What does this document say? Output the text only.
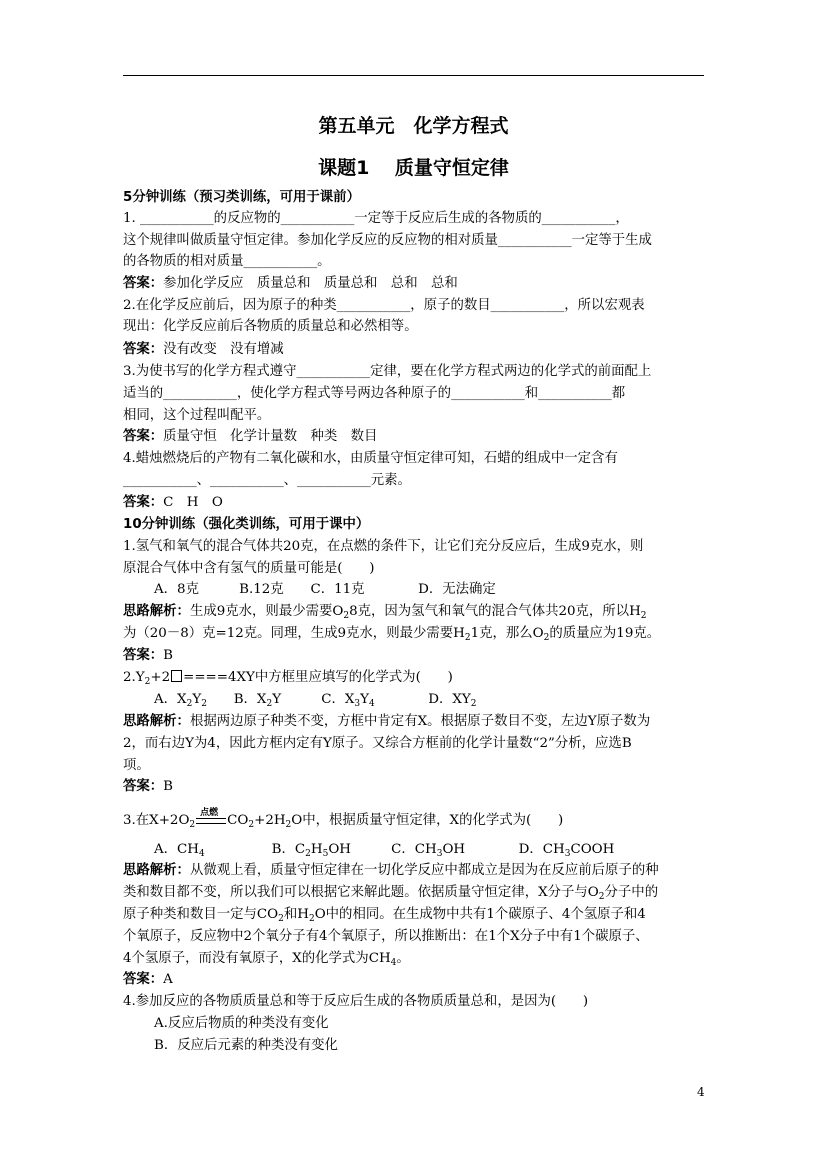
第五单元　化学方程式
课题1　 质量守恒定律
5分钟训练（预习类训练，可用于课前）
1. ___________的反应物的___________一定等于反应后生成的各物质的___________，
这个规律叫做质量守恒定律。参加化学反应的反应物的相对质量___________一定等于生成
的各物质的相对质量___________。
答案：参加化学反应　质量总和　质量总和　总和　总和
2.在化学反应前后，因为原子的种类___________，原子的数目___________，所以宏观表
现出：化学反应前后各物质的质量总和必然相等。
答案：没有改变　没有增减
3.为使书写的化学方程式遵守___________定律，要在化学方程式两边的化学式的前面配上
适当的___________，使化学方程式等号两边各种原子的___________和___________都
相同，这个过程叫配平。
答案：质量守恒　化学计量数　种类　数目
4.蜡烛燃烧后的产物有二氧化碳和水，由质量守恒定律可知，石蜡的组成中一定含有
___________、___________、___________元素。
答案：C　H　O
10分钟训练（强化类训练，可用于课中）
1.氢气和氧气的混合气体共20克，在点燃的条件下，让它们充分反应后，生成9克水，则
原混合气体中含有氢气的质量可能是(　　)
A．8克　　　B.12克　　C．11克　　　　D．无法确定
思路解析：生成9克水，则最少需要$O_28$克，因为氢气和氧气的混合气体共20克，所以$H_2$
为（20－8）克=12克。同理，生成9克水，则最少需要$H_21$克，那么$O_2$的质量应为19克。
答案：B
$2.Y_2+2 ====4XY$中方框里应填写的化学式为(　　)
A．$X_2Y_2$　　B．$X_2Y$　　　C．$X_3Y_4$　　　　D．$XY_2$
思路解析：根据两边原子种类不变，方框中肯定有X。根据原子数目不变，左边Y原子数为
2，而右边Y为4，因此方框内定有Y原子。又综合方框前的化学计量数“2”分析，应选B
项。
答案：B
3.在$X+2O_2$
点燃
$CO_2+2H_2O$中，根据质量守恒定律，X的化学式为(　　)
A．$CH_4$　　　　　B．$C_2H_5OH$　　　C．$CH_3OH$　　　　D．$CH_3COOH$
思路解析：从微观上看，质量守恒定律在一切化学反应中都成立是因为在反应前后原子的种
类和数目都不变，所以我们可以根据它来解此题。依据质量守恒定律，X分子与$O_2$分子中的
原子种类和数目一定与$CO_2$和$H_2O$中的相同。在生成物中共有1个碳原子、4个氢原子和4
个氧原子，反应物中2个氧分子有4个氧原子，所以推断出：在1个X分子中有1个碳原子、
4个氢原子，而没有氧原子，X的化学式为$CH_4$。
答案：A
4.参加反应的各物质质量总和等于反应后生成的各物质质量总和，是因为(　　)
A.反应后物质的种类没有变化
B．反应后元素的种类没有变化
4
